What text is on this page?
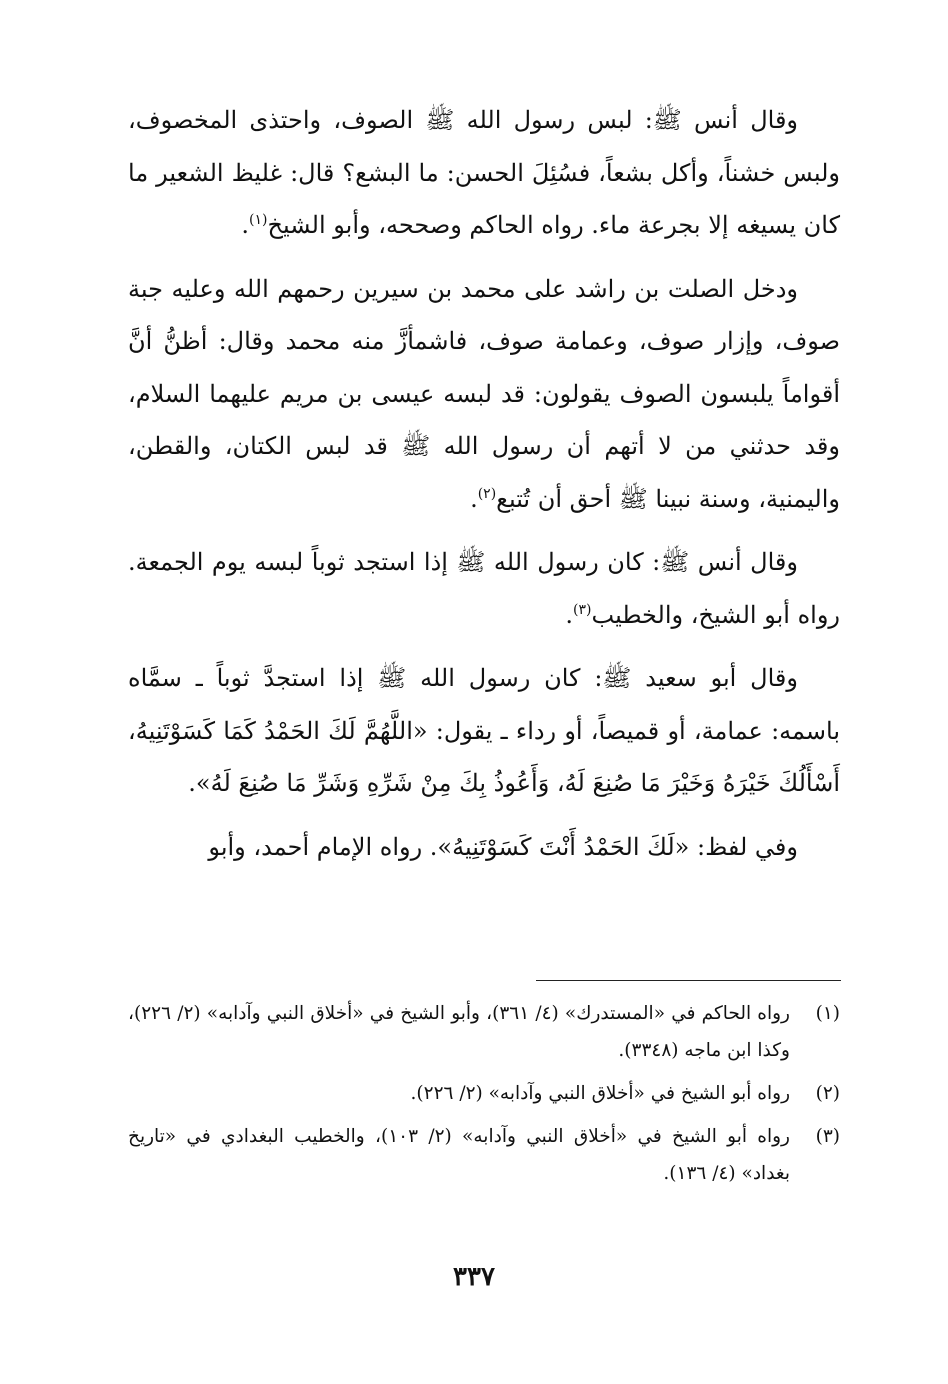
وقال أنس ﷺ: لبس رسول الله ﷺ الصوف، واحتذى المخصوف، ولبس خشناً، وأكل بشعاً، فسُئِلَ الحسن: ما البشع؟ قال: غليظ الشعير ما كان يسيغه إلا بجرعة ماء. رواه الحاكم وصححه، وأبو الشيخ$^{(١)}$.

ودخل الصلت بن راشد على محمد بن سيرين رحمهم الله وعليه جبة صوف، وإزار صوف، وعمامة صوف، فاشمأزَّ منه محمد وقال: أظنُّ أنَّ أقواماً يلبسون الصوف يقولون: قد لبسه عيسى بن مريم عليهما السلام، وقد حدثني من لا أتهم أن رسول الله ﷺ قد لبس الكتان، والقطن، واليمنية، وسنة نبينا ﷺ أحق أن تُتبع$^{(٢)}$.

وقال أنس ﷺ: كان رسول الله ﷺ إذا استجد ثوباً لبسه يوم الجمعة. رواه أبو الشيخ، والخطيب$^{(٣)}$.

وقال أبو سعيد ﷺ: كان رسول الله ﷺ إذا استجدَّ ثوباً ـ سمَّاه باسمه: عمامة، أو قميصاً، أو رداء ـ يقول: «اللَّهُمَّ لَكَ الحَمْدُ كَمَا كَسَوْتَنِيهُ، أَسْأَلُكَ خَيْرَهُ وَخَيْرَ مَا صُنِعَ لَهُ، وَأَعُوذُ بِكَ مِنْ شَرِّهِ وَشَرِّ مَا صُنِعَ لَهُ».

وفي لفظ: «لَكَ الحَمْدُ أَنْتَ كَسَوْتَنِيهُ». رواه الإمام أحمد، وأبو

(١)
رواه الحاكم في «المستدرك» (٤/ ٣٦١)، وأبو الشيخ في «أخلاق النبي وآدابه» (٢/ ٢٢٦)، وكذا ابن ماجه (٣٣٤٨).
(٢)
رواه أبو الشيخ في «أخلاق النبي وآدابه» (٢/ ٢٢٦).
(٣)
رواه أبو الشيخ في «أخلاق النبي وآدابه» (٢/ ١٠٣)، والخطيب البغدادي في «تاريخ بغداد» (٤/ ١٣٦).
٣٣٧
